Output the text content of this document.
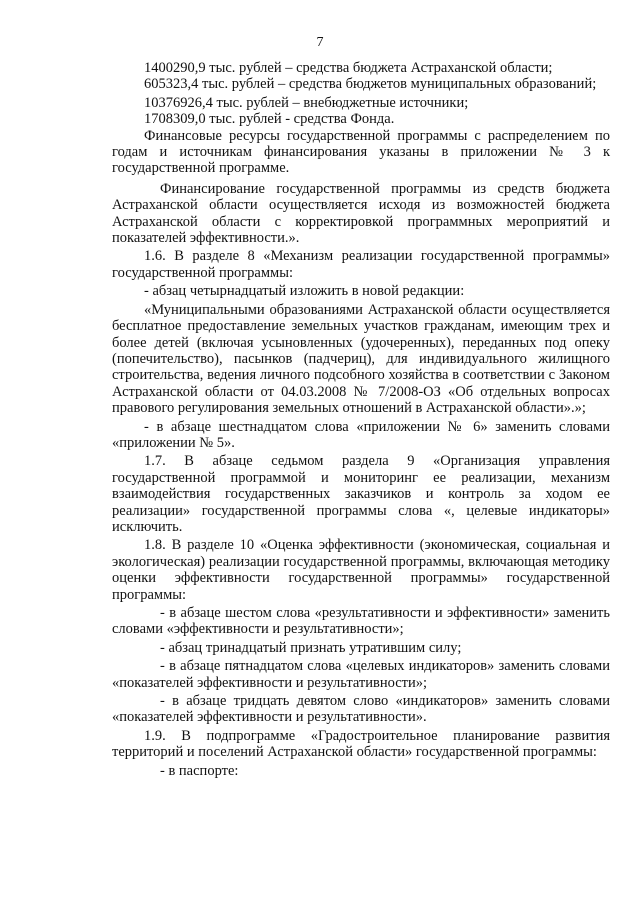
7

1400290,9 тыс. рублей – средства бюджета Астраханской области;

605323,4 тыс. рублей – средства бюджетов муниципальных образований;

10376926,4 тыс. рублей – внебюджетные источники;

1708309,0 тыс. рублей - средства Фонда.

Финансовые ресурсы государственной программы с распределением по годам и источникам финансирования указаны в приложении № 3 к государственной программе.

Финансирование государственной программы из средств бюджета Астраханской области осуществляется исходя из возможностей бюджета Астраханской области с корректировкой программных мероприятий и показателей эффективности.».

1.6. В разделе 8 «Механизм реализации государственной программы» государственной программы:

- абзац четырнадцатый изложить в новой редакции:

«Муниципальными образованиями Астраханской области осуществляется бесплатное предоставление земельных участков гражданам, имеющим трех и более детей (включая усыновленных (удочеренных), переданных под опеку (попечительство), пасынков (падчериц), для индивидуального жилищного строительства, ведения личного подсобного хозяйства в соответствии с Законом Астраханской области от 04.03.2008 № 7/2008-ОЗ «Об отдельных вопросах правового регулирования земельных отношений в Астраханской области».»;

- в абзаце шестнадцатом слова «приложении № 6» заменить словами «приложении № 5».

1.7. В абзаце седьмом раздела 9 «Организация управления государственной программой и мониторинг ее реализации, механизм взаимодействия государственных заказчиков и контроль за ходом ее реализации» государственной программы слова «, целевые индикаторы» исключить.

1.8. В разделе 10 «Оценка эффективности (экономическая, социальная и экологическая) реализации государственной программы, включающая методику оценки эффективности государственной программы» государственной программы:

- в абзаце шестом слова «результативности и эффективности» заменить словами «эффективности и результативности»;

- абзац тринадцатый признать утратившим силу;

- в абзаце пятнадцатом слова «целевых индикаторов» заменить словами «показателей эффективности и результативности»;

- в абзаце тридцать девятом слово «индикаторов» заменить словами «показателей эффективности и результативности».

1.9. В подпрограмме «Градостроительное планирование развития территорий и поселений Астраханской области» государственной программы:

- в паспорте:
